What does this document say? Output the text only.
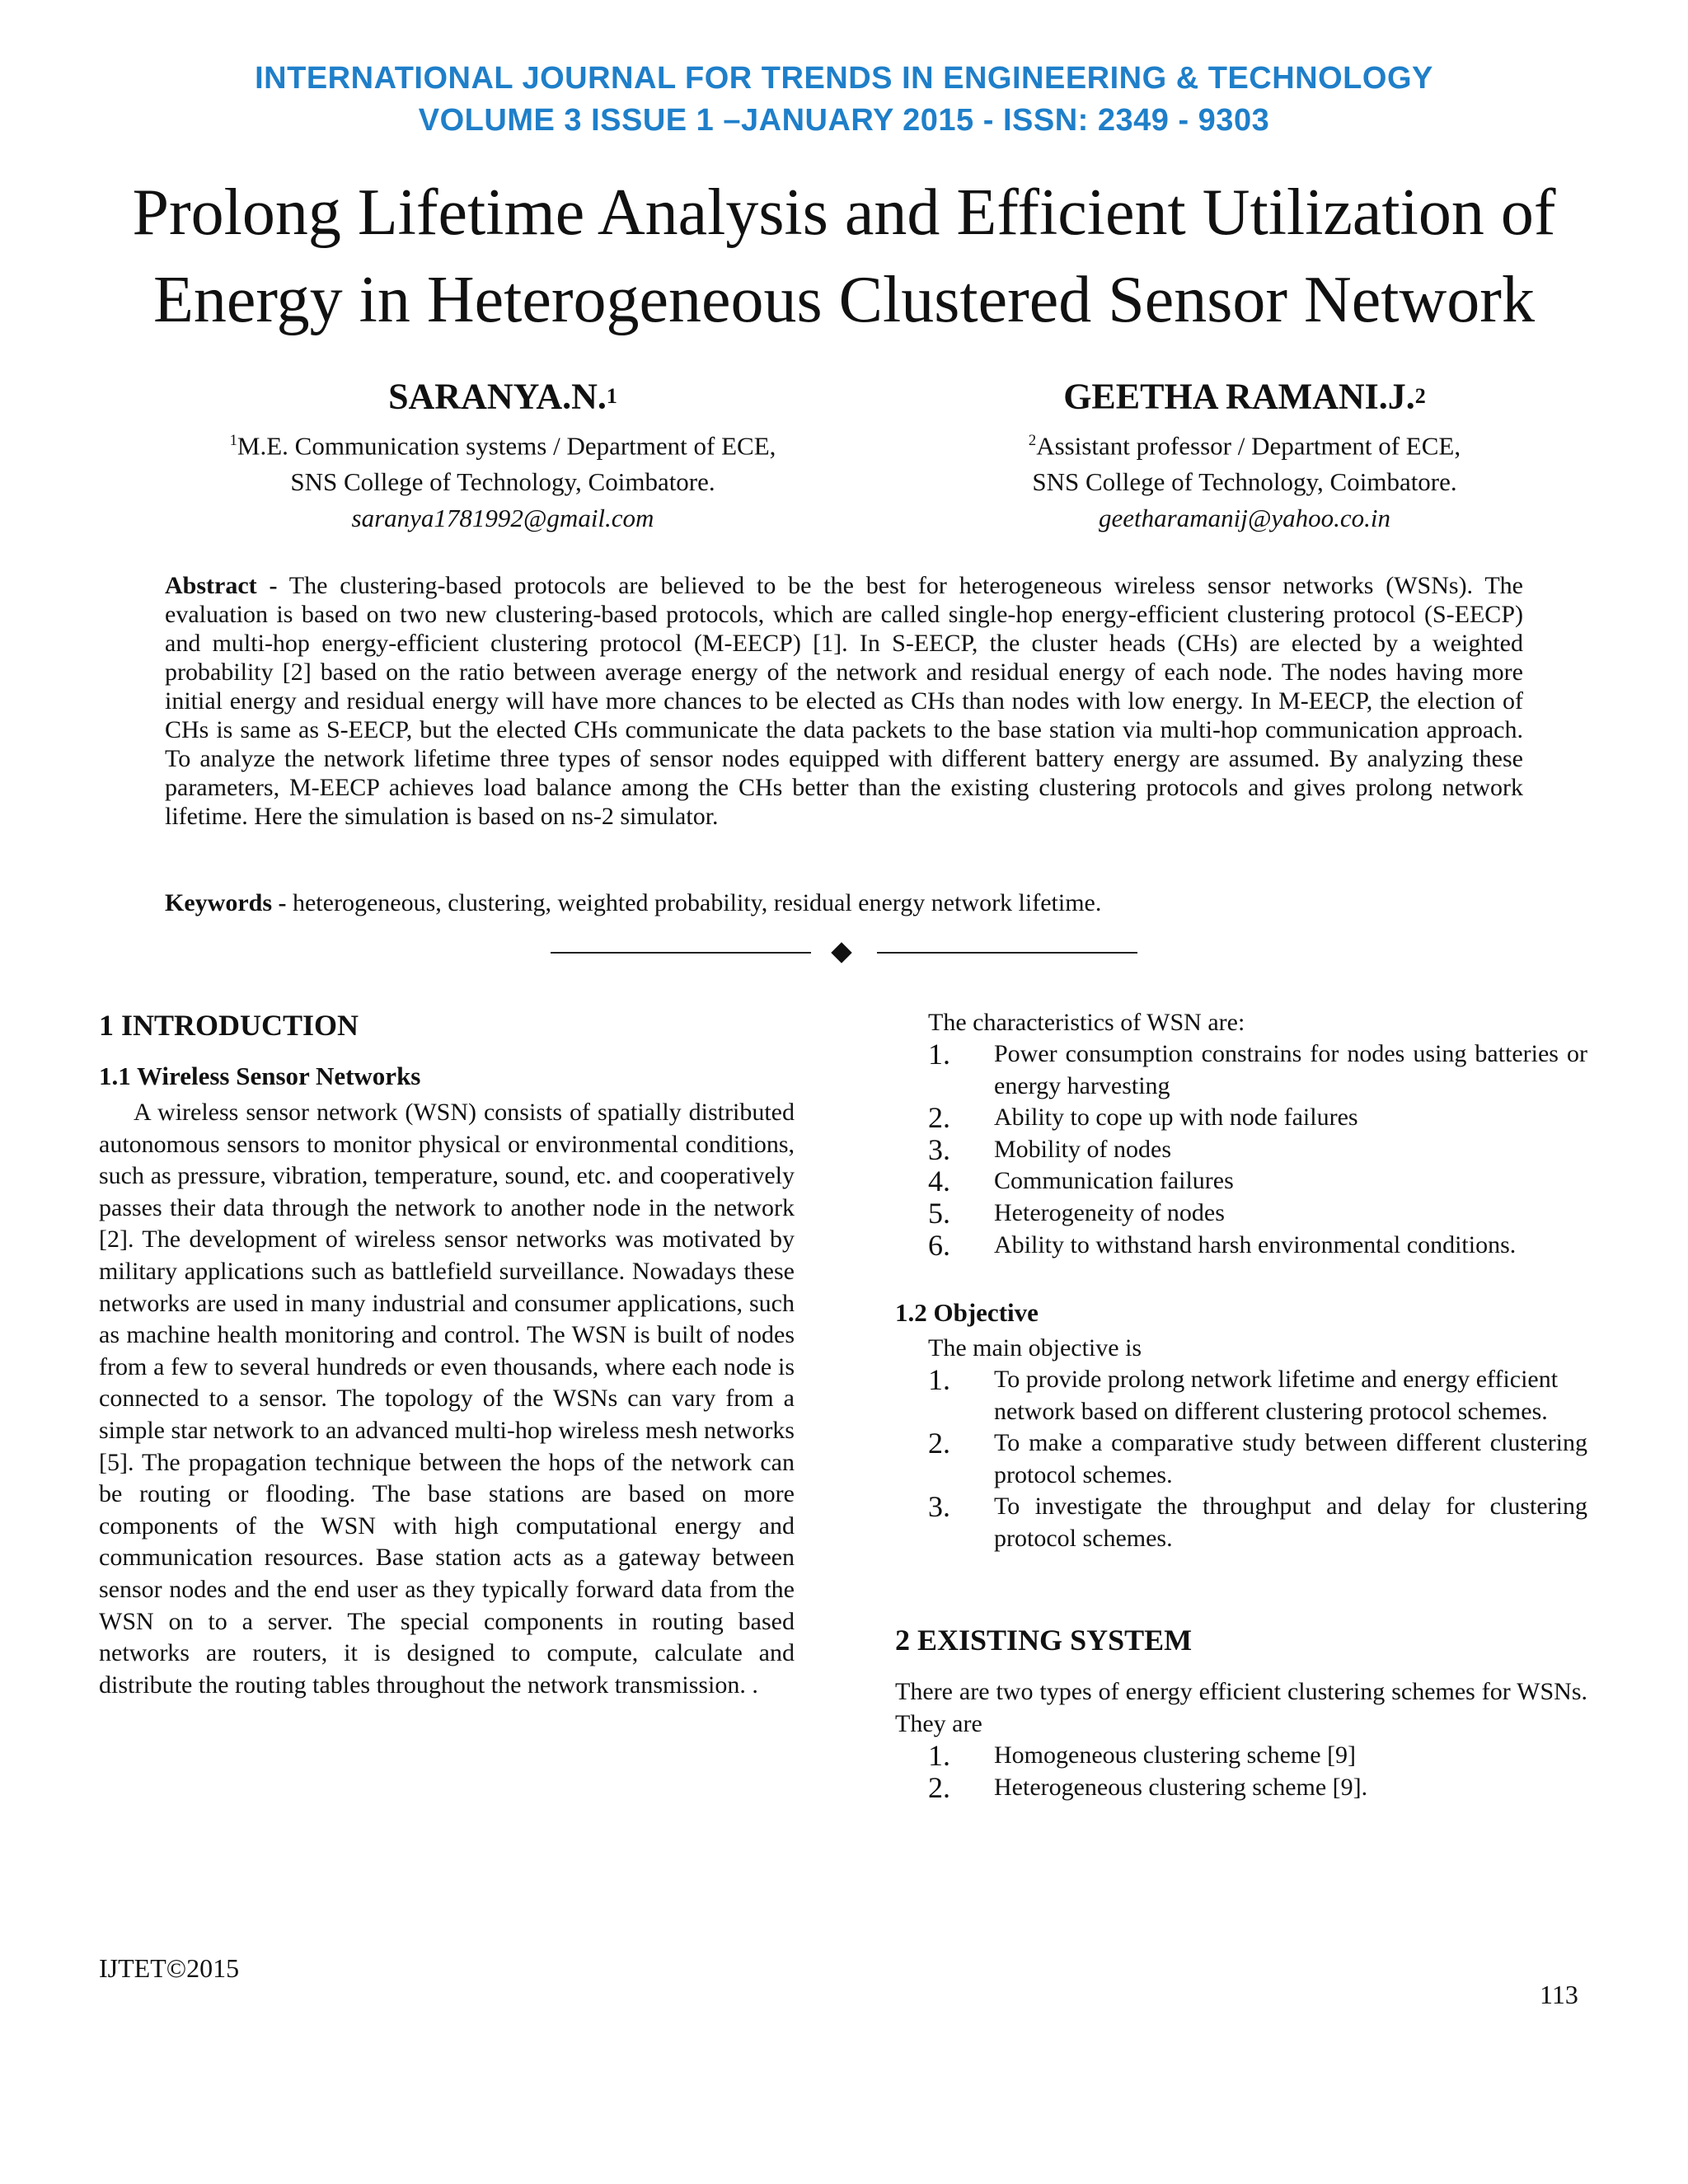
INTERNATIONAL JOURNAL FOR TRENDS IN ENGINEERING & TECHNOLOGY
VOLUME 3 ISSUE 1 –JANUARY 2015 - ISSN: 2349 - 9303
Prolong Lifetime Analysis and Efficient Utilization of
Energy in Heterogeneous Clustered Sensor Network
SARANYA.N.$^1$
$^1$M.E. Communication systems / Department of ECE,
SNS College of Technology, Coimbatore.
saranya1781992@gmail.com
GEETHA RAMANI.J.$^2$
$^2$Assistant professor / Department of ECE,
SNS College of Technology, Coimbatore.
geetharamanij@yahoo.co.in
Abstract - The clustering-based protocols are believed to be the best for heterogeneous wireless sensor networks (WSNs). The evaluation is based on two new clustering-based protocols, which are called single-hop energy-efficient clustering protocol (S-EECP) and multi-hop energy-efficient clustering protocol (M-EECP) [1]. In S-EECP, the cluster heads (CHs) are elected by a weighted probability [2] based on the ratio between average energy of the network and residual energy of each node. The nodes having more initial energy and residual energy will have more chances to be elected as CHs than nodes with low energy. In M-EECP, the election of CHs is same as S-EECP, but the elected CHs communicate the data packets to the base station via multi-hop communication approach. To analyze the network lifetime three types of sensor nodes equipped with different battery energy are assumed. By analyzing these parameters, M-EECP achieves load balance among the CHs better than the existing clustering protocols and gives prolong network lifetime. Here the simulation is based on ns-2 simulator.
Keywords - heterogeneous, clustering, weighted probability, residual energy network lifetime.
1 INTRODUCTION
1.1 Wireless Sensor Networks
A wireless sensor network (WSN) consists of spatially distributed autonomous sensors to monitor physical or environmental conditions, such as pressure, vibration, temperature, sound, etc. and cooperatively passes their data through the network to another node in the network [2]. The development of wireless sensor networks was motivated by military applications such as battlefield surveillance. Nowadays these networks are used in many industrial and consumer applications, such as machine health monitoring and control. The WSN is built of nodes from a few to several hundreds or even thousands, where each node is connected to a sensor. The topology of the WSNs can vary from a simple star network to an advanced multi-hop wireless mesh networks [5]. The propagation technique between the hops of the network can be routing or flooding. The base stations are based on more components of the WSN with high computational energy and communication resources. Base station acts as a gateway between sensor nodes and the end user as they typically forward data from the WSN on to a server. The special components in routing based networks are routers, it is designed to compute, calculate and distribute the routing tables throughout the network transmission. .
The characteristics of WSN are:
1.	Power consumption constrains for nodes using batteries or energy harvesting
2.	Ability to cope up with node failures
3.	Mobility of nodes
4.	Communication failures
5.	Heterogeneity of nodes
6.	Ability to withstand harsh environmental conditions.
1.2 Objective
The main objective is
1.	To provide prolong network lifetime and energy efficient network based on different clustering protocol schemes.
2.	To make a comparative study between different clustering protocol schemes.
3.	To investigate the throughput and delay for clustering protocol schemes.
2 EXISTING SYSTEM
There are two types of energy efficient clustering schemes for WSNs. They are
1.	Homogeneous clustering scheme [9]
2.	Heterogeneous clustering scheme [9].
IJTET©2015
113
